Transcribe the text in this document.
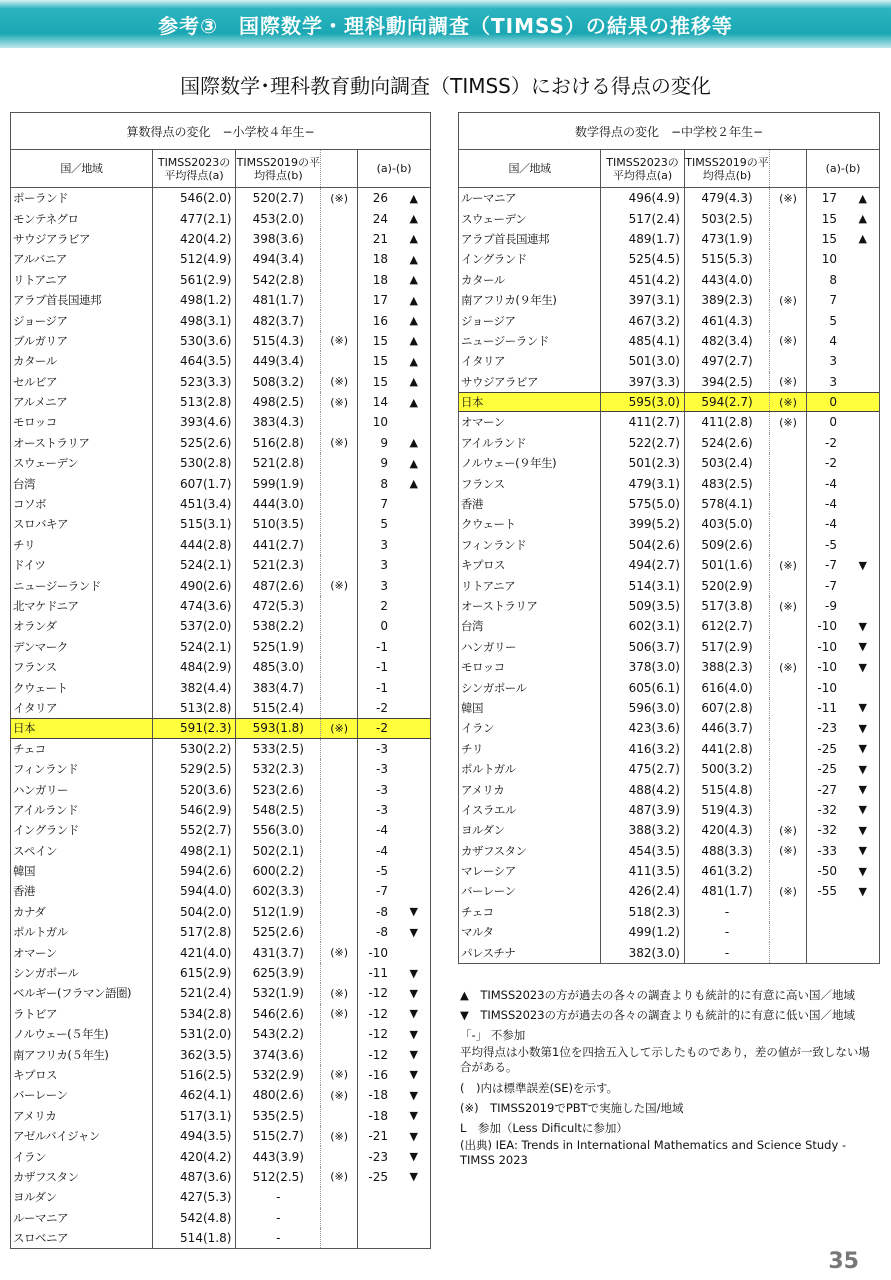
参考③　国際数学・理科動向調査（TIMSS）の結果の推移等
国際数学･理科教育動向調査（TIMSS）における得点の変化
算数得点の変化　−小学校４年生−
国／地域	TIMSS2023の平均得点(a)
TIMSS2019の平均得点(b)	(a)-(b)
ポーランド	546(2.0)	520(2.7)	(※)	26	▲
モンテネグロ	477(2.1)	453(2.0)	24	▲
サウジアラビア	420(4.2)	398(3.6)	21	▲
アルバニア	512(4.9)	494(3.4)	18	▲
リトアニア	561(2.9)	542(2.8)	18	▲
アラブ首長国連邦	498(1.2)	481(1.7)	17	▲
ジョージア	498(3.1)	482(3.7)	16	▲
ブルガリア	530(3.6)	515(4.3)	(※)	15	▲
カタール	464(3.5)	449(3.4)	15	▲
セルビア	523(3.3)	508(3.2)	(※)	15	▲
アルメニア	513(2.8)	498(2.5)	(※)	14	▲
モロッコ	393(4.6)	383(4.3)	10
オーストラリア	525(2.6)	516(2.8)	(※)	9	▲
スウェーデン	530(2.8)	521(2.8)	9	▲
台湾	607(1.7)	599(1.9)	8	▲
コソボ	451(3.4)	444(3.0)	7
スロバキア	515(3.1)	510(3.5)	5
チリ	444(2.8)	441(2.7)	3
ドイツ	524(2.1)	521(2.3)	3
ニュージーランド	490(2.6)	487(2.6)	(※)	3
北マケドニア	474(3.6)	472(5.3)	2
オランダ	537(2.0)	538(2.2)	0
デンマーク	524(2.1)	525(1.9)	-1
フランス	484(2.9)	485(3.0)	-1
クウェート	382(4.4)	383(4.7)	-1
イタリア	513(2.8)	515(2.4)	-2
日本	591(2.3)	593(1.8)	(※)	-2
チェコ	530(2.2)	533(2.5)	-3
フィンランド	529(2.5)	532(2.3)	-3
ハンガリー	520(3.6)	523(2.6)	-3
アイルランド	546(2.9)	548(2.5)	-3
イングランド	552(2.7)	556(3.0)	-4
スペイン	498(2.1)	502(2.1)	-4
韓国	594(2.6)	600(2.2)	-5
香港	594(4.0)	602(3.3)	-7
カナダ	504(2.0)	512(1.9)	-8	▼
ポルトガル	517(2.8)	525(2.6)	-8	▼
オマーン	421(4.0)	431(3.7)	(※)	-10
シンガポール	615(2.9)	625(3.9)	-11	▼
ベルギー(フラマン語圏)	521(2.4)	532(1.9)	(※)	-12	▼
ラトビア	534(2.8)	546(2.6)	(※)	-12	▼
ノルウェー(５年生)	531(2.0)	543(2.2)	-12	▼
南アフリカ(５年生)	362(3.5)	374(3.6)	-12	▼
キプロス	516(2.5)	532(2.9)	(※)	-16	▼
バーレーン	462(4.1)	480(2.6)	(※)	-18	▼
アメリカ	517(3.1)	535(2.5)	-18	▼
アゼルバイジャン	494(3.5)	515(2.7)	(※)	-21	▼
イラン	420(4.2)	443(3.9)	-23	▼
カザフスタン	487(3.6)	512(2.5)	(※)	-25	▼
ヨルダン	427(5.3)	-
ルーマニア	542(4.8)	-
スロベニア	514(1.8)	-
数学得点の変化　−中学校２年生−
国／地域	TIMSS2023の平均得点(a)
TIMSS2019の平均得点(b)	(a)-(b)
ルーマニア	496(4.9)	479(4.3)	(※)	17	▲
スウェーデン	517(2.4)	503(2.5)	15	▲
アラブ首長国連邦	489(1.7)	473(1.9)	15	▲
イングランド	525(4.5)	515(5.3)	10
カタール	451(4.2)	443(4.0)	8
南アフリカ(９年生)	397(3.1)	389(2.3)	(※)	7
ジョージア	467(3.2)	461(4.3)	5
ニュージーランド	485(4.1)	482(3.4)	(※)	4
イタリア	501(3.0)	497(2.7)	3
サウジアラビア	397(3.3)	394(2.5)	(※)	3
日本	595(3.0)	594(2.7)	(※)	0
オマーン	411(2.7)	411(2.8)	(※)	0
アイルランド	522(2.7)	524(2.6)	-2
ノルウェー(９年生)	501(2.3)	503(2.4)	-2
フランス	479(3.1)	483(2.5)	-4
香港	575(5.0)	578(4.1)	-4
クウェート	399(5.2)	403(5.0)	-4
フィンランド	504(2.6)	509(2.6)	-5
キプロス	494(2.7)	501(1.6)	(※)	-7	▼
リトアニア	514(3.1)	520(2.9)	-7
オーストラリア	509(3.5)	517(3.8)	(※)	-9
台湾	602(3.1)	612(2.7)	-10	▼
ハンガリー	506(3.7)	517(2.9)	-10	▼
モロッコ	378(3.0)	388(2.3)	(※)	-10	▼
シンガポール	605(6.1)	616(4.0)	-10
韓国	596(3.0)	607(2.8)	-11	▼
イラン	423(3.6)	446(3.7)	-23	▼
チリ	416(3.2)	441(2.8)	-25	▼
ポルトガル	475(2.7)	500(3.2)	-25	▼
アメリカ	488(4.2)	515(4.8)	-27	▼
イスラエル	487(3.9)	519(4.3)	-32	▼
ヨルダン	388(3.2)	420(4.3)	(※)	-32	▼
カザフスタン	454(3.5)	488(3.3)	(※)	-33	▼
マレーシア	411(3.5)	461(3.2)	-50	▼
バーレーン	426(2.4)	481(1.7)	(※)	-55	▼
チェコ	518(2.3)	-
マルタ	499(1.2)	-
パレスチナ	382(3.0)	-

▲　TIMSS2023の方が過去の各々の調査よりも統計的に有意に高い国／地域

▼　TIMSS2023の方が過去の各々の調査よりも統計的に有意に低い国／地域

「-」 不参加

平均得点は小数第1位を四捨五入して示したものであり，差の値が一致しない場合がある。

(　)内は標準誤差(SE)を示す。

(※)　TIMSS2019でPBTで実施した国/地域

L　参加（Less Dificultに参加）

(出典) IEA: Trends in International Mathematics and Science Study - TIMSS 2023

35
